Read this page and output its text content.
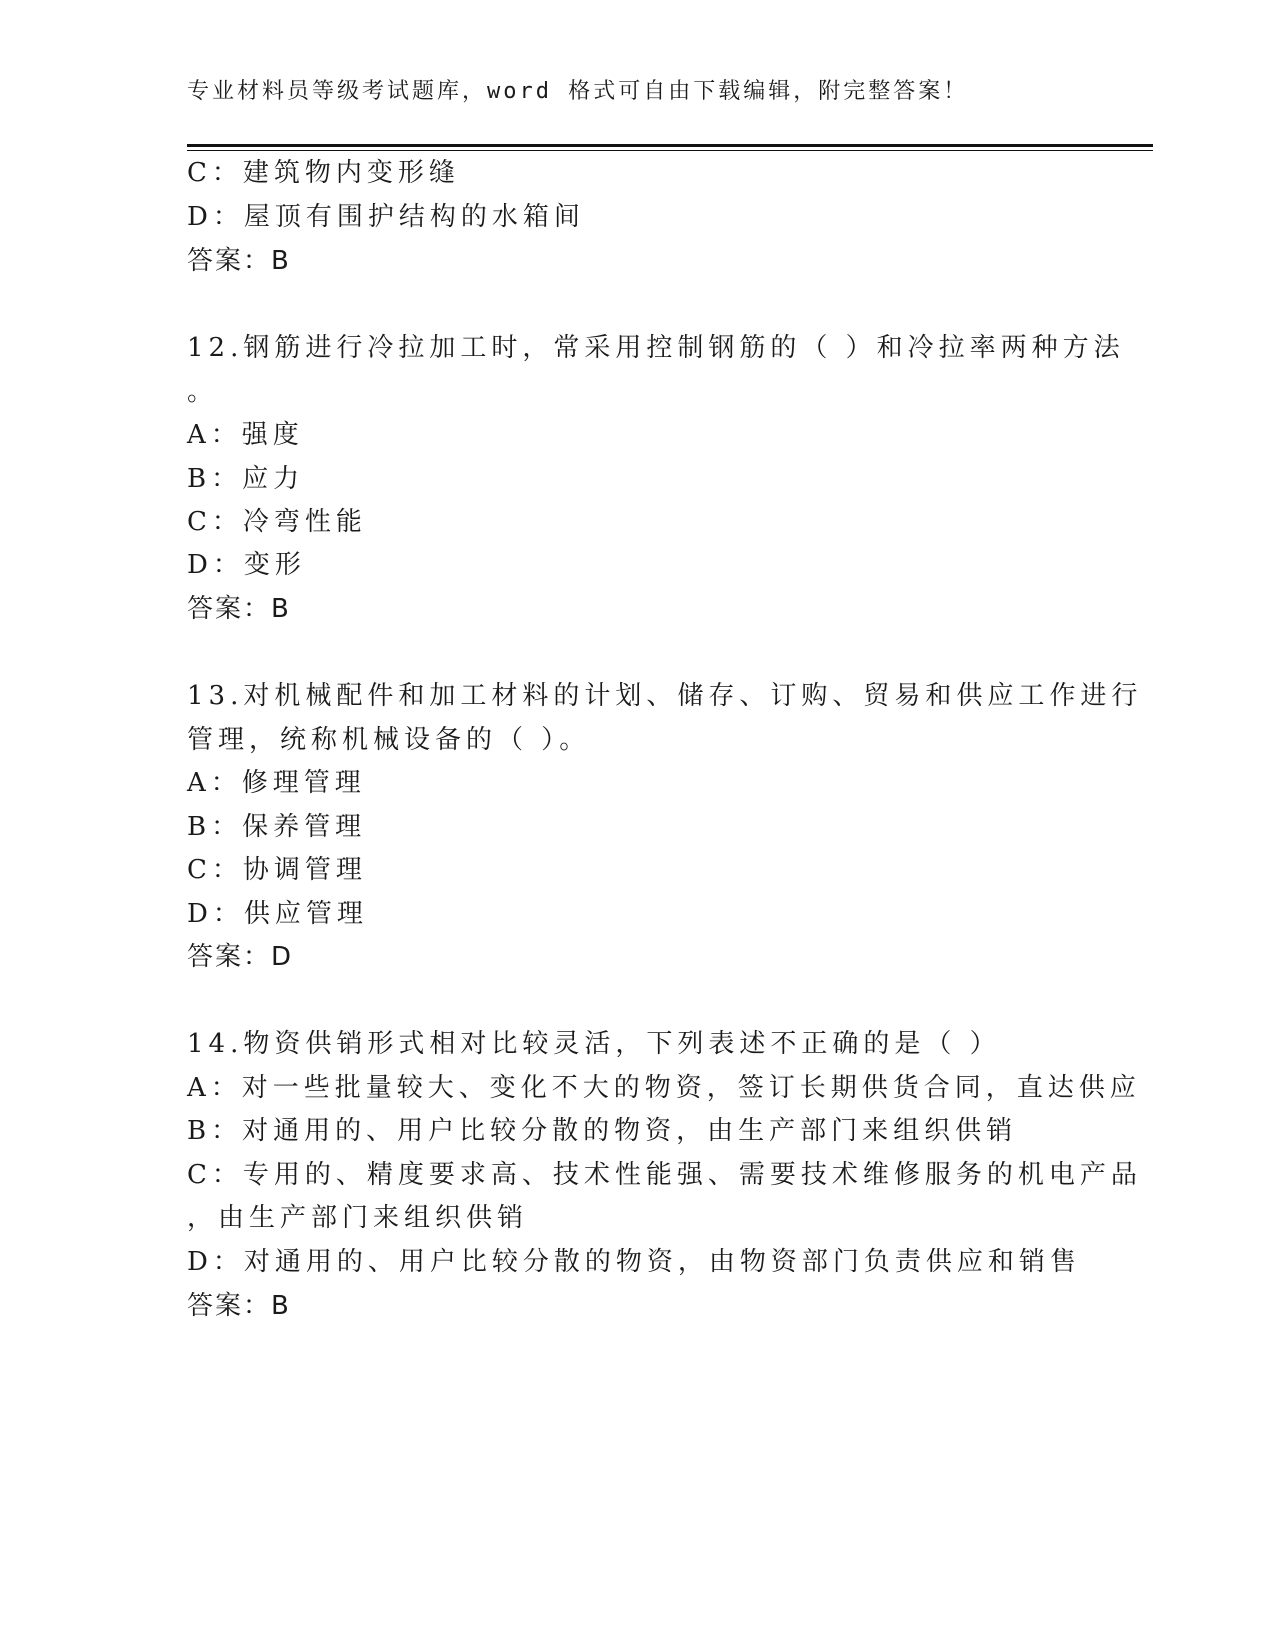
专业材料员等级考试题库，word 格式可自由下载编辑，附完整答案！
C：建筑物内变形缝
D：屋顶有围护结构的水箱间
答案：B
12.钢筋进行冷拉加工时，常采用控制钢筋的（ ）和冷拉率两种方法
。
A：强度
B：应力
C：冷弯性能
D：变形
答案：B
13.对机械配件和加工材料的计划、储存、订购、贸易和供应工作进行
管理，统称机械设备的（ ）。
A：修理管理
B：保养管理
C：协调管理
D：供应管理
答案：D
14.物资供销形式相对比较灵活，下列表述不正确的是（ ）
A：对一些批量较大、变化不大的物资，签订长期供货合同，直达供应
B：对通用的、用户比较分散的物资，由生产部门来组织供销
C：专用的、精度要求高、技术性能强、需要技术维修服务的机电产品
，由生产部门来组织供销
D：对通用的、用户比较分散的物资，由物资部门负责供应和销售
答案：B
